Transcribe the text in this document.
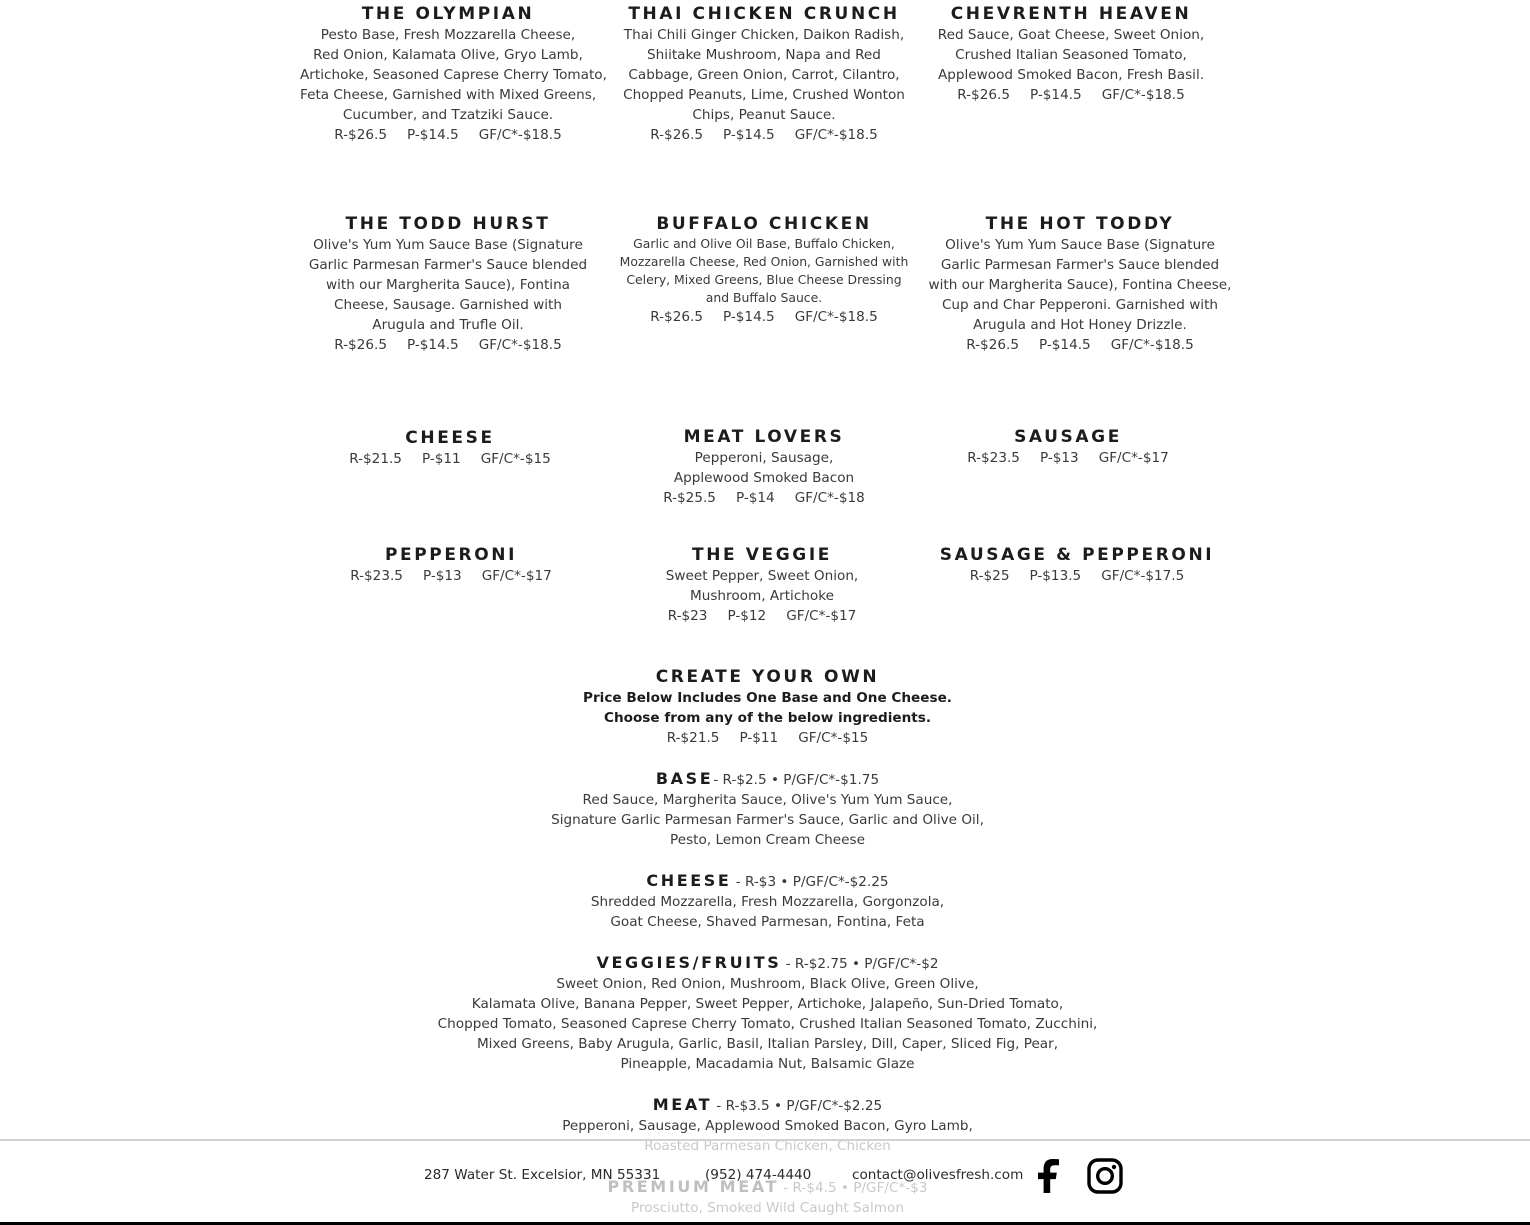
THE OLYMPIAN
Pesto Base, Fresh Mozzarella Cheese,
Red Onion, Kalamata Olive, Gryo Lamb,
Artichoke, Seasoned Caprese Cherry Tomato,
Feta Cheese, Garnished with Mixed Greens,
Cucumber, and Tzatziki Sauce.
R-$26.5 P-$14.5 GF/C*-$18.5
THAI CHICKEN CRUNCH
Thai Chili Ginger Chicken, Daikon Radish,
Shiitake Mushroom, Napa and Red
Cabbage, Green Onion, Carrot, Cilantro,
Chopped Peanuts, Lime, Crushed Wonton
Chips, Peanut Sauce.
R-$26.5 P-$14.5 GF/C*-$18.5
CHEVRENTH HEAVEN
Red Sauce, Goat Cheese, Sweet Onion,
Crushed Italian Seasoned Tomato,
Applewood Smoked Bacon, Fresh Basil.
R-$26.5 P-$14.5 GF/C*-$18.5
THE TODD HURST
Olive's Yum Yum Sauce Base (Signature
Garlic Parmesan Farmer's Sauce blended
with our Margherita Sauce), Fontina
Cheese, Sausage. Garnished with
Arugula and Trufle Oil.
R-$26.5 P-$14.5 GF/C*-$18.5
BUFFALO CHICKEN
Garlic and Olive Oil Base, Buffalo Chicken,
Mozzarella Cheese, Red Onion, Garnished with
Celery, Mixed Greens, Blue Cheese Dressing
and Buffalo Sauce.
R-$26.5 P-$14.5 GF/C*-$18.5
THE HOT TODDY
Olive's Yum Yum Sauce Base (Signature
Garlic Parmesan Farmer's Sauce blended
with our Margherita Sauce), Fontina Cheese,
Cup and Char Pepperoni. Garnished with
Arugula and Hot Honey Drizzle.
R-$26.5 P-$14.5 GF/C*-$18.5
CHEESE
R-$21.5 P-$11 GF/C*-$15
MEAT LOVERS
Pepperoni, Sausage,
Applewood Smoked Bacon
R-$25.5 P-$14 GF/C*-$18
SAUSAGE
R-$23.5 P-$13 GF/C*-$17
PEPPERONI
R-$23.5 P-$13 GF/C*-$17
THE VEGGIE
Sweet Pepper, Sweet Onion,
Mushroom, Artichoke
R-$23 P-$12 GF/C*-$17
SAUSAGE & PEPPERONI
R-$25 P-$13.5 GF/C*-$17.5
CREATE YOUR OWN
Price Below Includes One Base and One Cheese.
Choose from any of the below ingredients.
R-$21.5 P-$11 GF/C*-$15
BASE- R-$2.5 • P/GF/C*-$1.75
Red Sauce, Margherita Sauce, Olive's Yum Yum Sauce,
Signature Garlic Parmesan Farmer's Sauce, Garlic and Olive Oil,
Pesto, Lemon Cream Cheese
CHEESE - R-$3 • P/GF/C*-$2.25
Shredded Mozzarella, Fresh Mozzarella, Gorgonzola,
Goat Cheese, Shaved Parmesan, Fontina, Feta
VEGGIES/FRUITS - R-$2.75 • P/GF/C*-$2
Sweet Onion, Red Onion, Mushroom, Black Olive, Green Olive,
Kalamata Olive, Banana Pepper, Sweet Pepper, Artichoke, Jalapeño, Sun-Dried Tomato,
Chopped Tomato, Seasoned Caprese Cherry Tomato, Crushed Italian Seasoned Tomato, Zucchini,
Mixed Greens, Baby Arugula, Garlic, Basil, Italian Parsley, Dill, Caper, Sliced Fig, Pear,
Pineapple, Macadamia Nut, Balsamic Glaze
MEAT - R-$3.5 • P/GF/C*-$2.25
Pepperoni, Sausage, Applewood Smoked Bacon, Gyro Lamb,
287 Water St. Excelsior, MN 55331	(952) 474-4440	contact@olivesfresh.com
